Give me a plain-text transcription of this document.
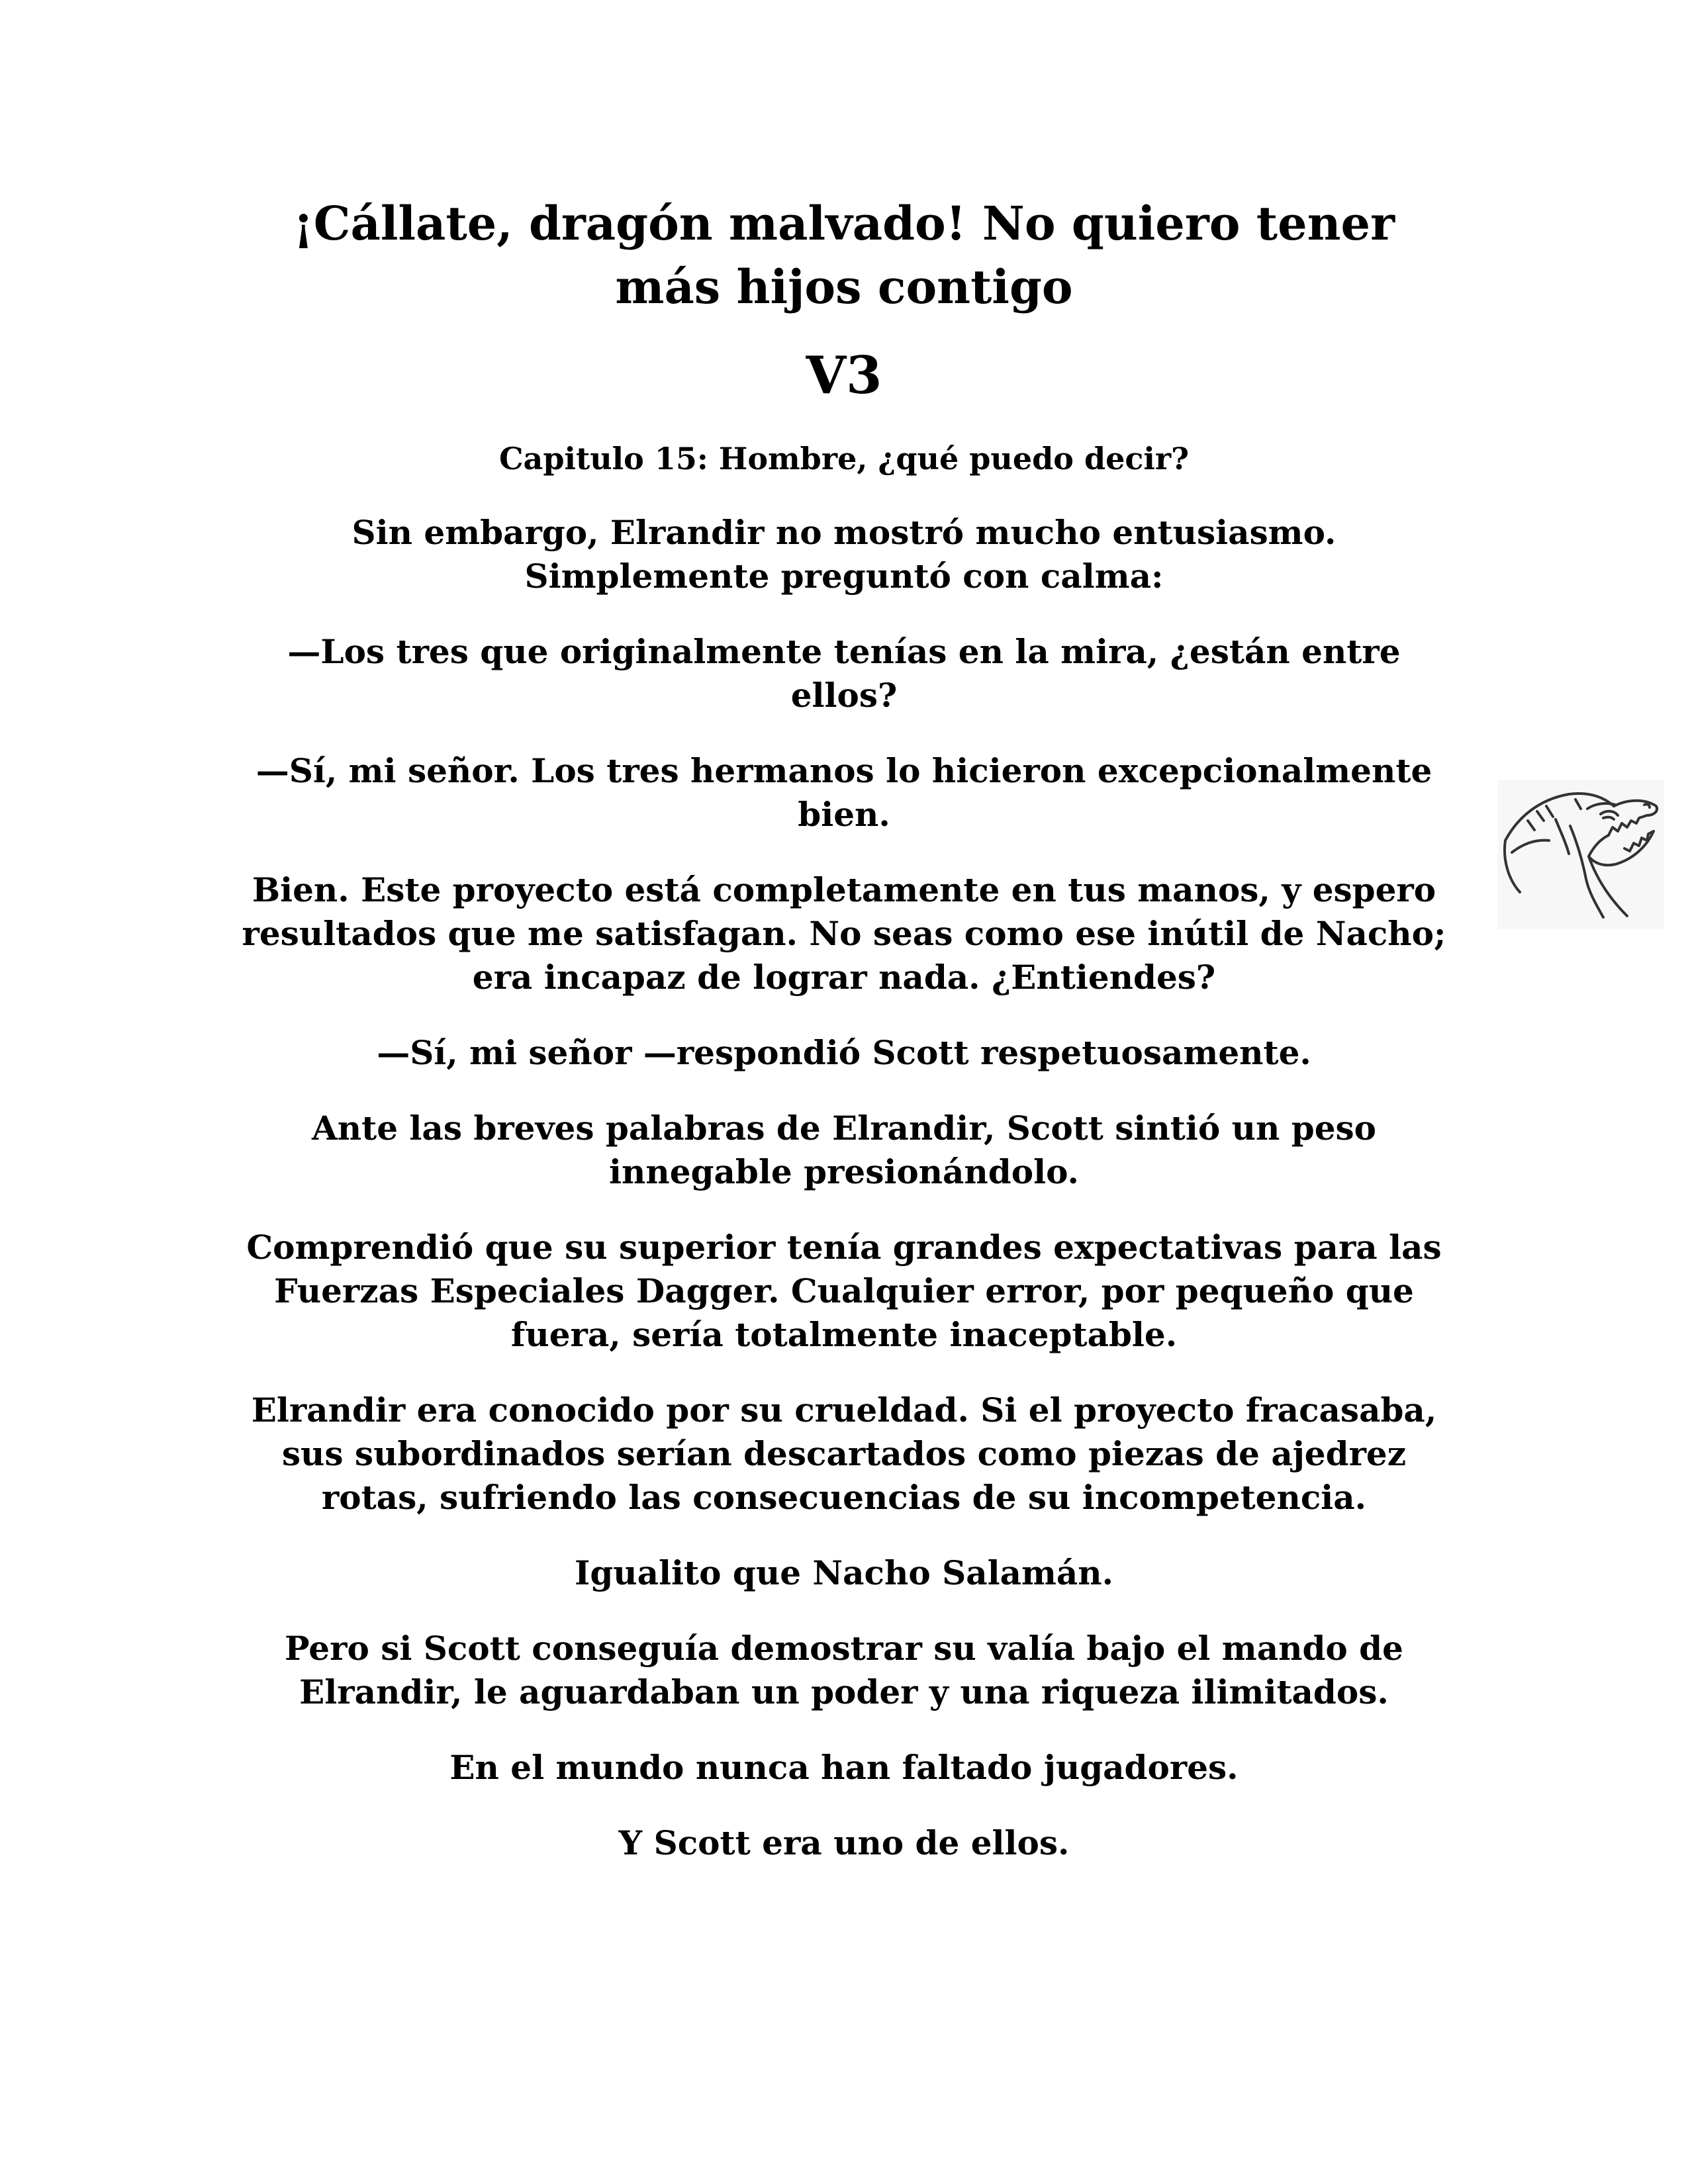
¡Cállate, dragón malvado! No quiero tener
más hijos contigo
V3
Capitulo 15: Hombre, ¿qué puedo decir?

Sin embargo, Elrandir no mostró mucho entusiasmo. Simplemente preguntó con calma:

—Los tres que originalmente tenías en la mira, ¿están entre ellos?

—Sí, mi señor. Los tres hermanos lo hicieron excepcionalmente bien.

Bien. Este proyecto está completamente en tus manos, y espero resultados que me satisfagan. No seas como ese inútil de Nacho; era incapaz de lograr nada. ¿Entiendes?

—Sí, mi señor —respondió Scott respetuosamente.

Ante las breves palabras de Elrandir, Scott sintió un peso innegable presionándolo.

Comprendió que su superior tenía grandes expectativas para las Fuerzas Especiales Dagger. Cualquier error, por pequeño que fuera, sería totalmente inaceptable.

Elrandir era conocido por su crueldad. Si el proyecto fracasaba, sus subordinados serían descartados como piezas de ajedrez rotas, sufriendo las consecuencias de su incompetencia.

Igualito que Nacho Salamán.

Pero si Scott conseguía demostrar su valía bajo el mando de Elrandir, le aguardaban un poder y una riqueza ilimitados.

En el mundo nunca han faltado jugadores.

Y Scott era uno de ellos.
